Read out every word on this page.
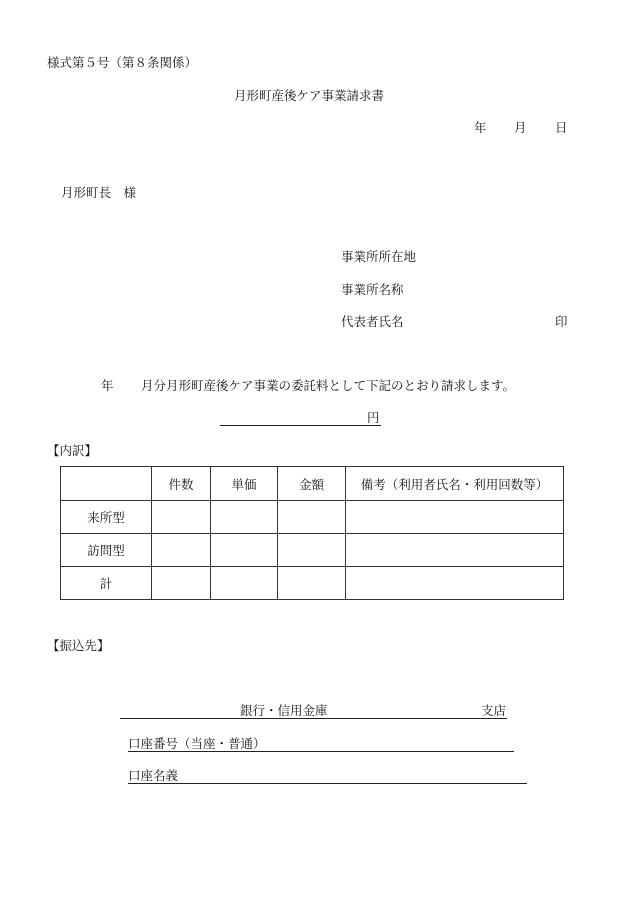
様式第５号（第８条関係）
月形町産後ケア事業請求書
年 月 日
月形町長　様
事業所所在地
事業所名称
代表者氏名	印
年 月分月形町産後ケア事業の委託料として下記のとおり請求します。
円
【内訳】
	件数	単価	金額	備考（利用者氏名・利用回数等）
来所型				
訪問型				
計				
【振込先】
銀行・信用金庫	支店
口座番号（当座・普通）
口座名義
